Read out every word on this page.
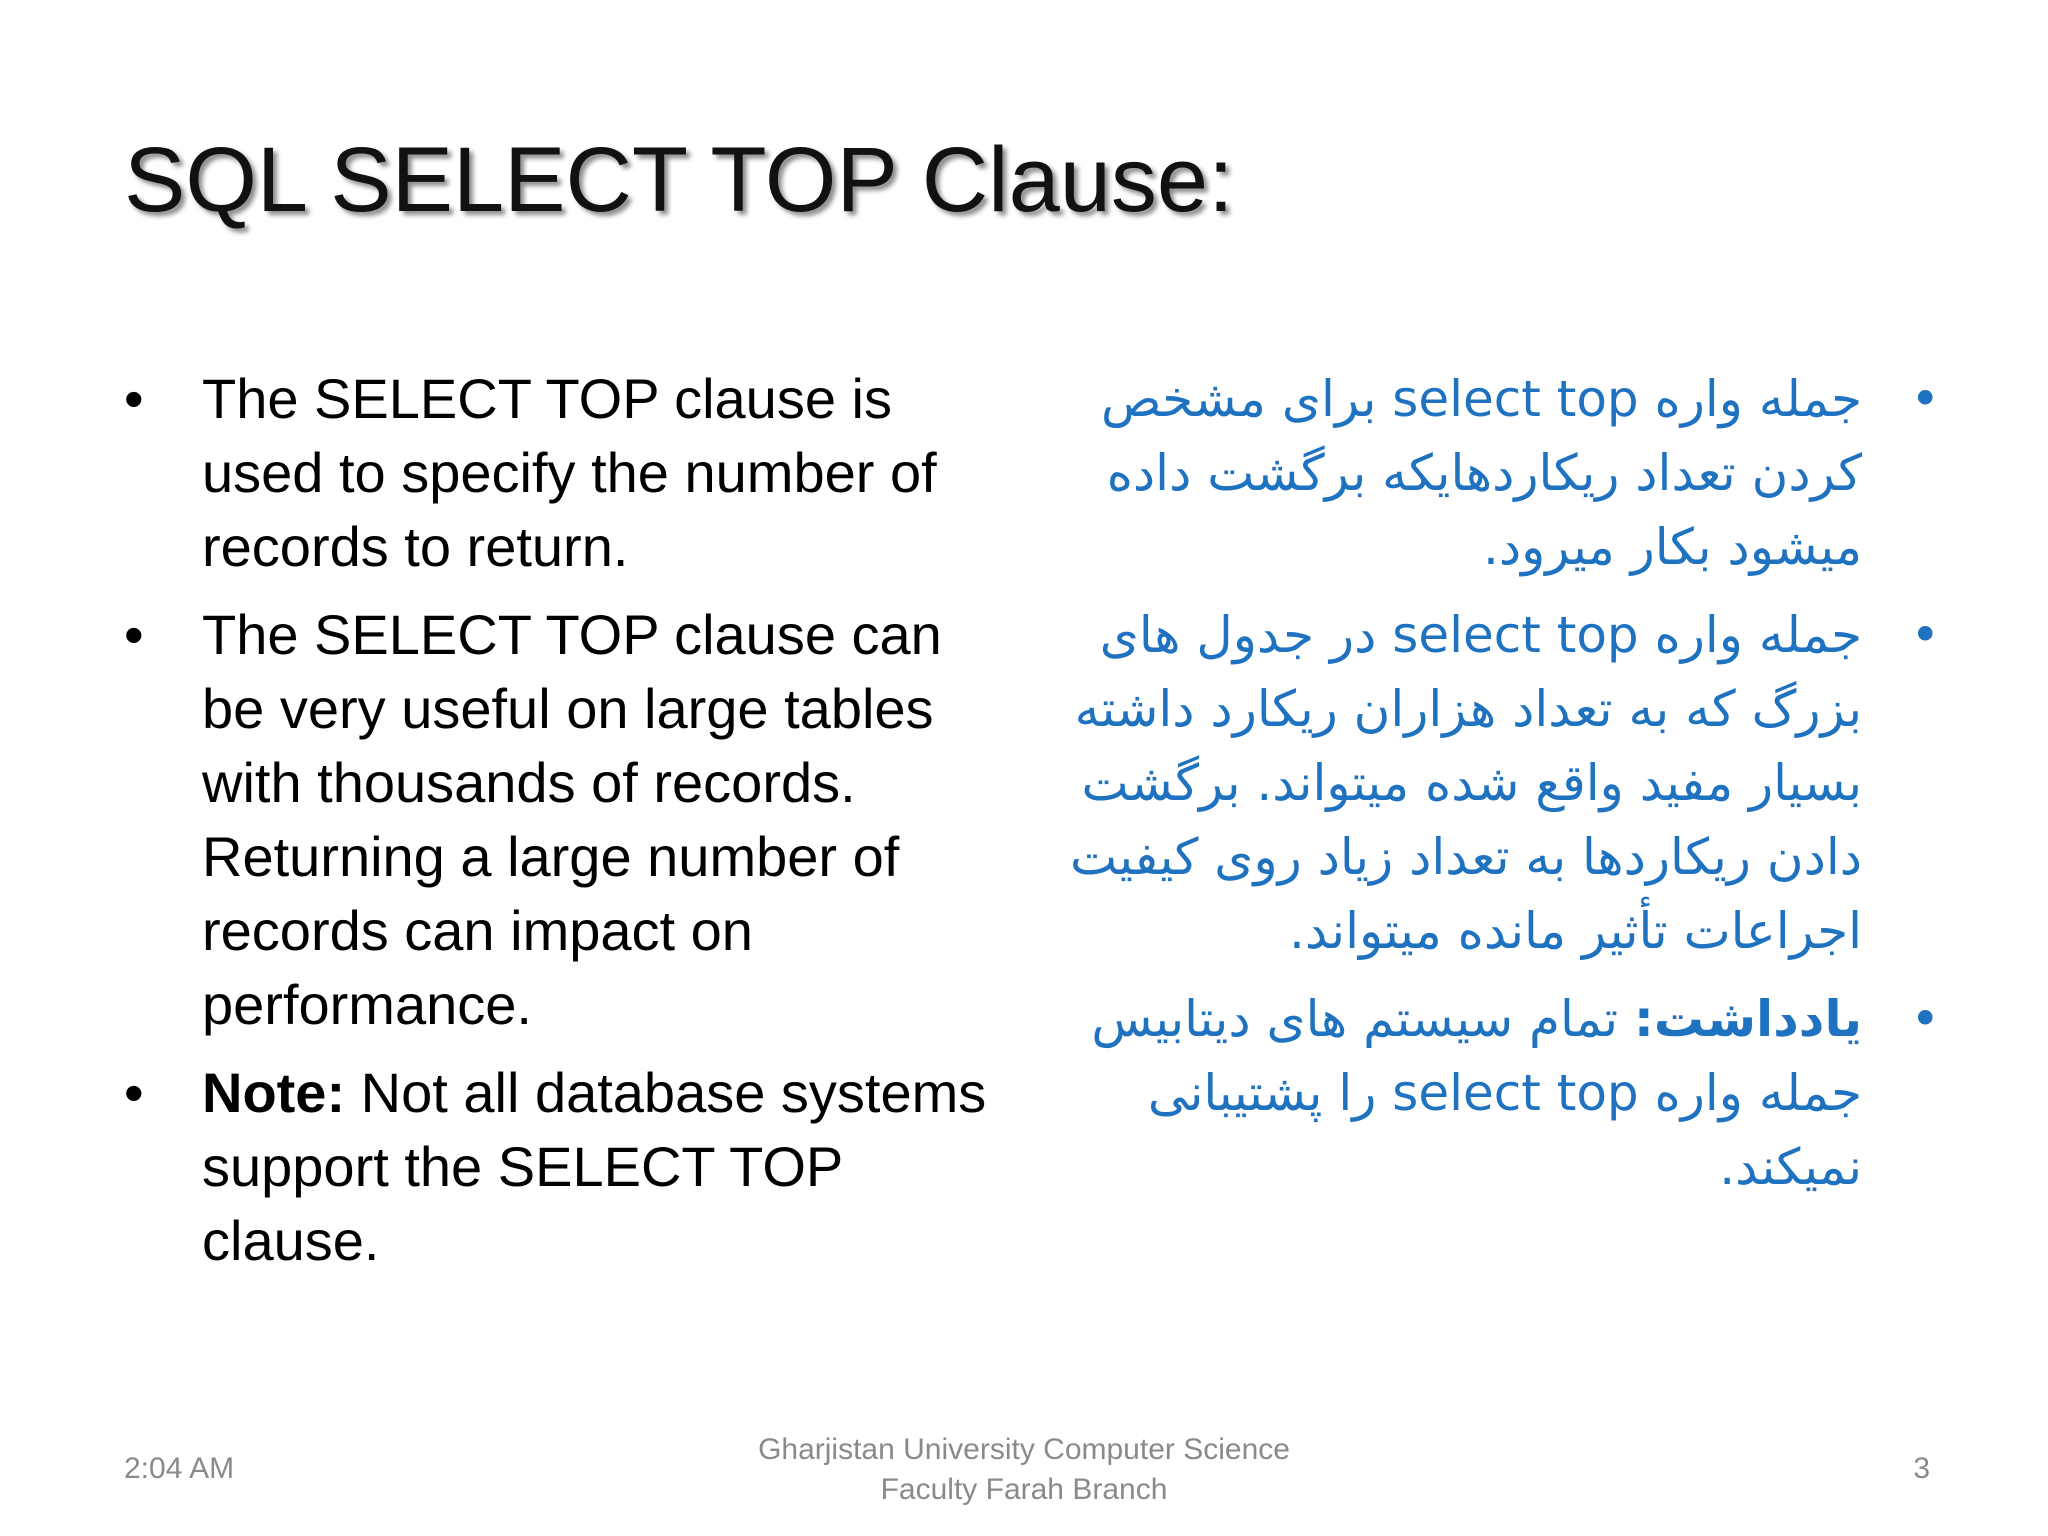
SQL SELECT TOP Clause:
• The SELECT TOP clause is used to specify the number of records to return.
• The SELECT TOP clause can be very useful on large tables with thousands of records. Returning a large number of records can impact on performance.
• Note: Not all database systems support the SELECT TOP clause.
•
جمله واره select top برای مشخص کردن تعداد ریکاردهایکه برگشت داده میشود بکار میرود.
•
جمله واره select top در جدول های بزرگ که به تعداد هزاران ریکارد داشته بسیار مفید واقع شده میتواند. برگشت دادن ریکاردها به تعداد زیاد روی کیفیت اجراعات تأثیر مانده میتواند.
•
یادداشت: تمام سیستم های دیتابیس جمله واره select top را پشتیبانی نمیکند.
2:04 AM
Gharjistan University Computer Science
Faculty Farah Branch
3
